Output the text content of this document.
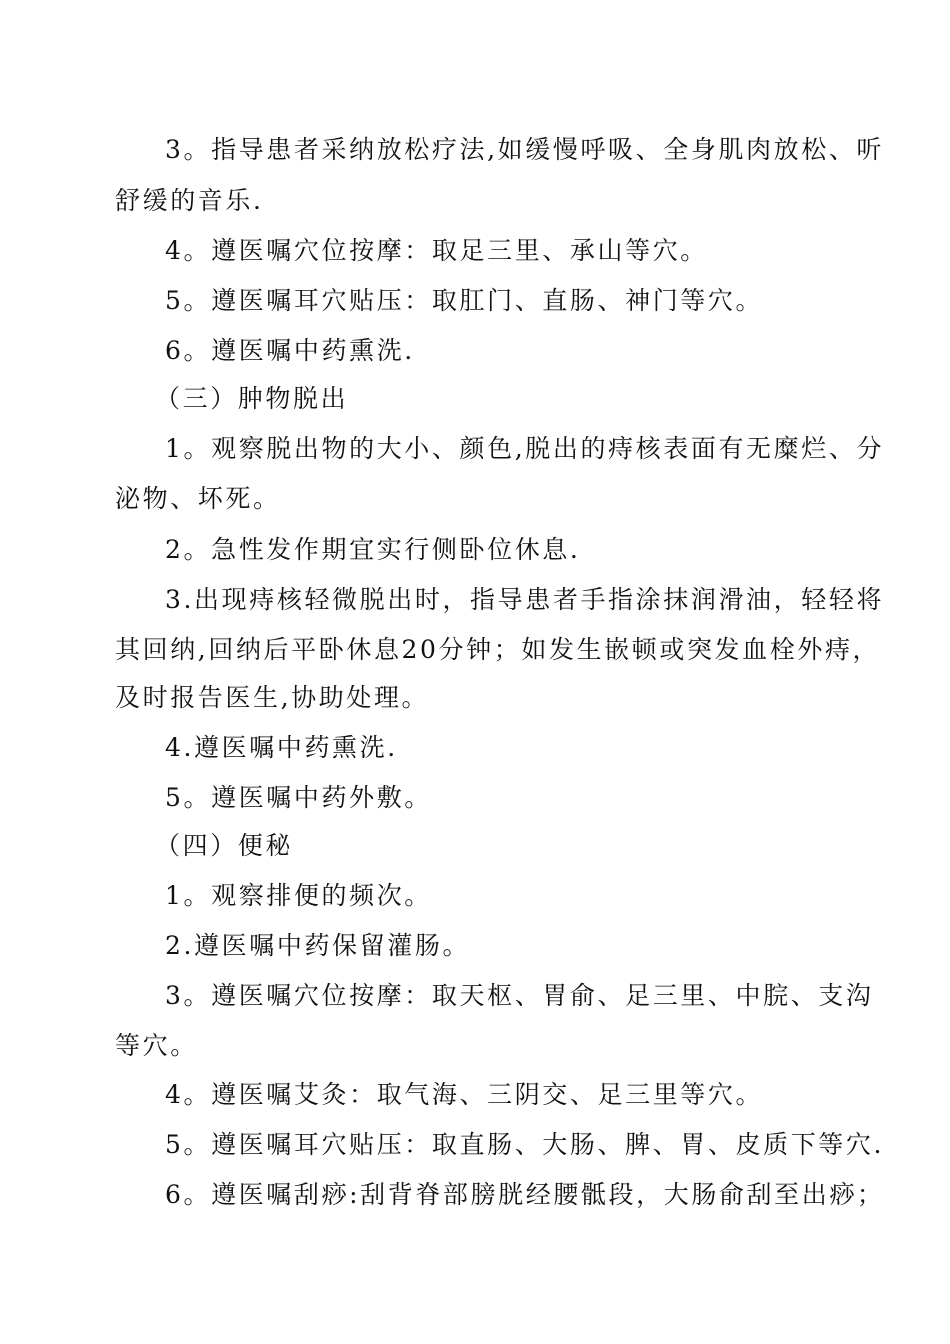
3。指导患者采纳放松疗法,如缓慢呼吸、全身肌肉放松、听
舒缓的音乐.
4。遵医嘱穴位按摩：取足三里、承山等穴。
5。遵医嘱耳穴贴压：取肛门、直肠、神门等穴。
6。遵医嘱中药熏洗.
（三）肿物脱出
1。观察脱出物的大小、颜色,脱出的痔核表面有无糜烂、分
泌物、坏死。
2。急性发作期宜实行侧卧位休息.
3.出现痔核轻微脱出时，指导患者手指涂抹润滑油，轻轻将
其回纳,回纳后平卧休息20分钟；如发生嵌顿或突发血栓外痔，
及时报告医生,协助处理。
4.遵医嘱中药熏洗.
5。遵医嘱中药外敷。
（四）便秘
1。观察排便的频次。
2.遵医嘱中药保留灌肠。
3。遵医嘱穴位按摩：取天枢、胃俞、足三里、中脘、支沟
等穴。
4。遵医嘱艾灸：取气海、三阴交、足三里等穴。
5。遵医嘱耳穴贴压：取直肠、大肠、脾、胃、皮质下等穴.
6。遵医嘱刮痧:刮背脊部膀胱经腰骶段，大肠俞刮至出痧；
